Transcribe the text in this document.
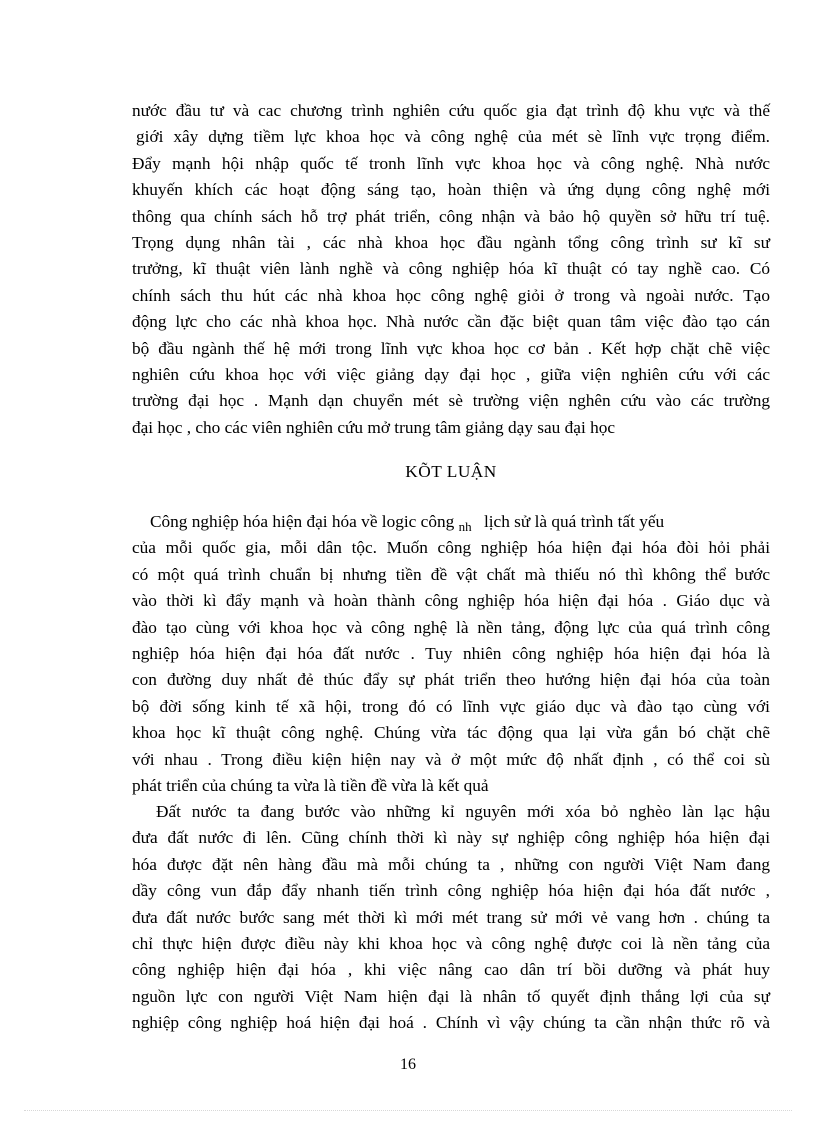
nước đầu tư và cac chương trình nghiên cứu quốc gia đạt trình độ khu vực và thế
giới xây dựng tiềm lực khoa học và công nghệ của mét sè lĩnh vực trọng điểm.
Đẩy mạnh hội nhập quốc tế tronh lĩnh vực khoa học và công nghệ. Nhà nước
khuyến khích các hoạt động sáng tạo, hoàn thiện và ứng dụng công nghệ mới
thông qua chính sách hỗ trợ phát triển, công nhận và bảo hộ quyền sở hữu trí tuệ.
Trọng dụng nhân tài , các nhà khoa học đầu ngành tổng công trình sư kĩ sư
trưởng, kĩ thuật viên lành nghề và công nghiệp hóa kĩ thuật có tay nghề cao. Có
chính sách thu hút các nhà khoa học công nghệ giỏi ở trong và ngoài nước. Tạo
động lực cho các nhà khoa học. Nhà nước cần đặc biệt quan tâm việc đào tạo cán
bộ đầu ngành thế hệ mới trong lĩnh vực khoa học cơ bản . Kết hợp chặt chẽ việc
nghiên cứu khoa học với việc giảng dạy đại học , giữa viện nghiên cứu với các
trường đại học . Mạnh dạn chuyển mét sè trường viện nghên cứu vào các trường
đại học , cho các viên nghiên cứu mở trung tâm giảng dạy sau đại học
KÕT LUẬN
Công nghiệp hóa hiện đại hóa về logic công $_{nh}$ lịch sử là quá trình tất yếu
của mỗi quốc gia, mỗi dân tộc. Muốn công nghiệp hóa hiện đại hóa đòi hỏi phải
có một quá trình chuẩn bị nhưng tiền đề vật chất mà thiếu nó thì không thể bước
vào thời kì đẩy mạnh và hoàn thành công nghiệp hóa hiện đại hóa . Giáo dục và
đào tạo cùng với khoa học và công nghệ là nền tảng, động lực của quá trình công
nghiệp hóa hiện đại hóa đất nước . Tuy nhiên công nghiệp hóa hiện đại hóa là
con đường duy nhất đẻ thúc đẩy sự phát triển theo hướng hiện đại hóa của toàn
bộ đời sống kinh tế xã hội, trong đó có lĩnh vực giáo dục và đào tạo cùng với
khoa học kĩ thuật công nghệ. Chúng vừa tác động qua lại vừa gắn bó chặt chẽ
với nhau . Trong điều kiện hiện nay và ở một mức độ nhất định , có thể coi sù
phát triển của chúng ta vừa là tiền đề vừa là kết quả
Đất nước ta đang bước vào những kỉ nguyên mới xóa bỏ nghèo làn lạc hậu
đưa đất nước đi lên. Cũng chính thời kì này sự nghiệp công nghiệp hóa hiện đại
hóa được đặt nên hàng đầu mà mỗi chúng ta , những con người Việt Nam đang
dầy công vun đắp đẩy nhanh tiến trình công nghiệp hóa hiện đại hóa đất nước ,
đưa đất nước bước sang mét thời kì mới mét trang sử mới vẻ vang hơn . chúng ta
chỉ thực hiện được điều này khi khoa học và công nghệ được coi là nền tảng của
công nghiệp hiện đại hóa , khi việc nâng cao dân trí bồi dưỡng và phát huy
nguồn lực con người Việt Nam hiện đại là nhân tố quyết định thắng lợi của sự
nghiệp công nghiệp hoá hiện đại hoá . Chính vì vậy chúng ta cần nhận thức rõ và
16
